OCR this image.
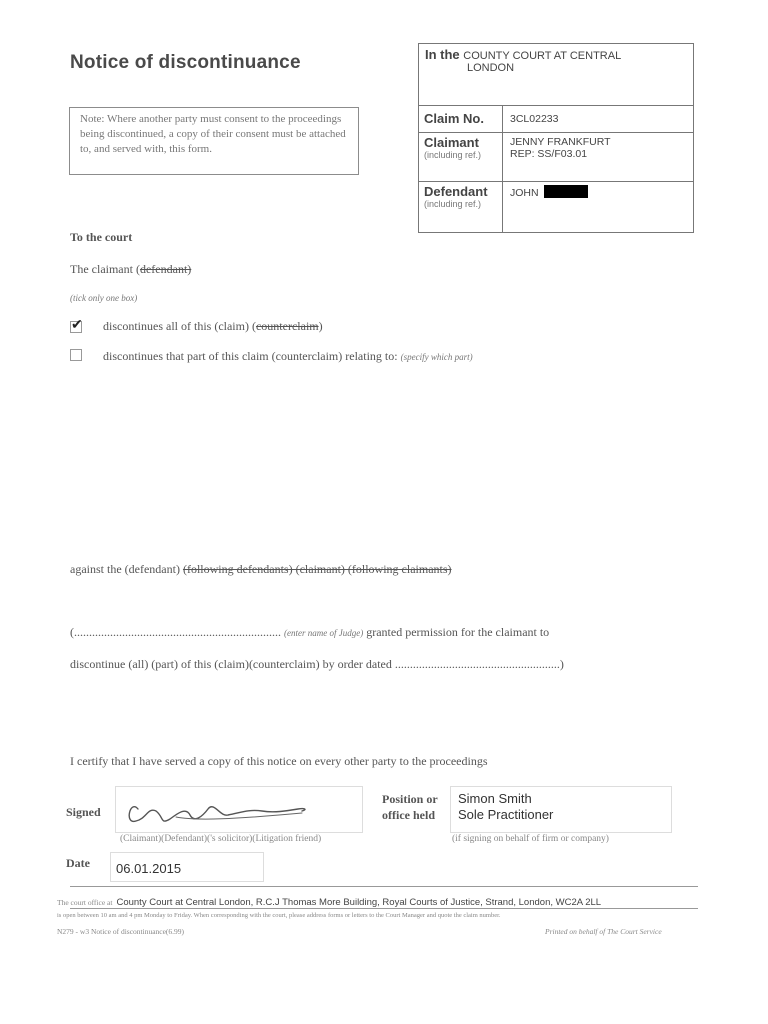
Notice of discontinuance
Note: Where another party must consent to the proceedings being discontinued, a copy of their consent must be attached to, and served with, this form.
In the COUNTY COURT AT CENTRAL
LONDON
Claim No.	3CL02233
Claimant
(including ref.)
JENNY FRANKFURT
REP: SS/F03.01
Defendant
(including ref.)
JOHN
To the court
The claimant (defendant)
(tick only one box)
✔ discontinues all of this (claim) (counterclaim)
discontinues that part of this claim (counterclaim) relating to: (specify which part)
against the (defendant) (following defendants) (claimant) (following claimants)
(..................................................................... (enter name of Judge) granted permission for the claimant to
discontinue (all) (part) of this (claim)(counterclaim) by order dated .......................................................)
I certify that I have served a copy of this notice on every other party to the proceedings
Signed
(Claimant)(Defendant)('s solicitor)(Litigation friend)
Position or
office held
Simon Smith
Sole Practitioner
(if signing on behalf of firm or company)
Date 06.01.2015
The court office at County Court at Central London, R.C.J Thomas More Building, Royal Courts of Justice, Strand, London, WC2A 2LL
is open between 10 am and 4 pm Monday to Friday. When corresponding with the court, please address forms or letters to the Court Manager and quote the claim number.
N279 - w3 Notice of discontinuance(6.99)	Printed on behalf of The Court Service
